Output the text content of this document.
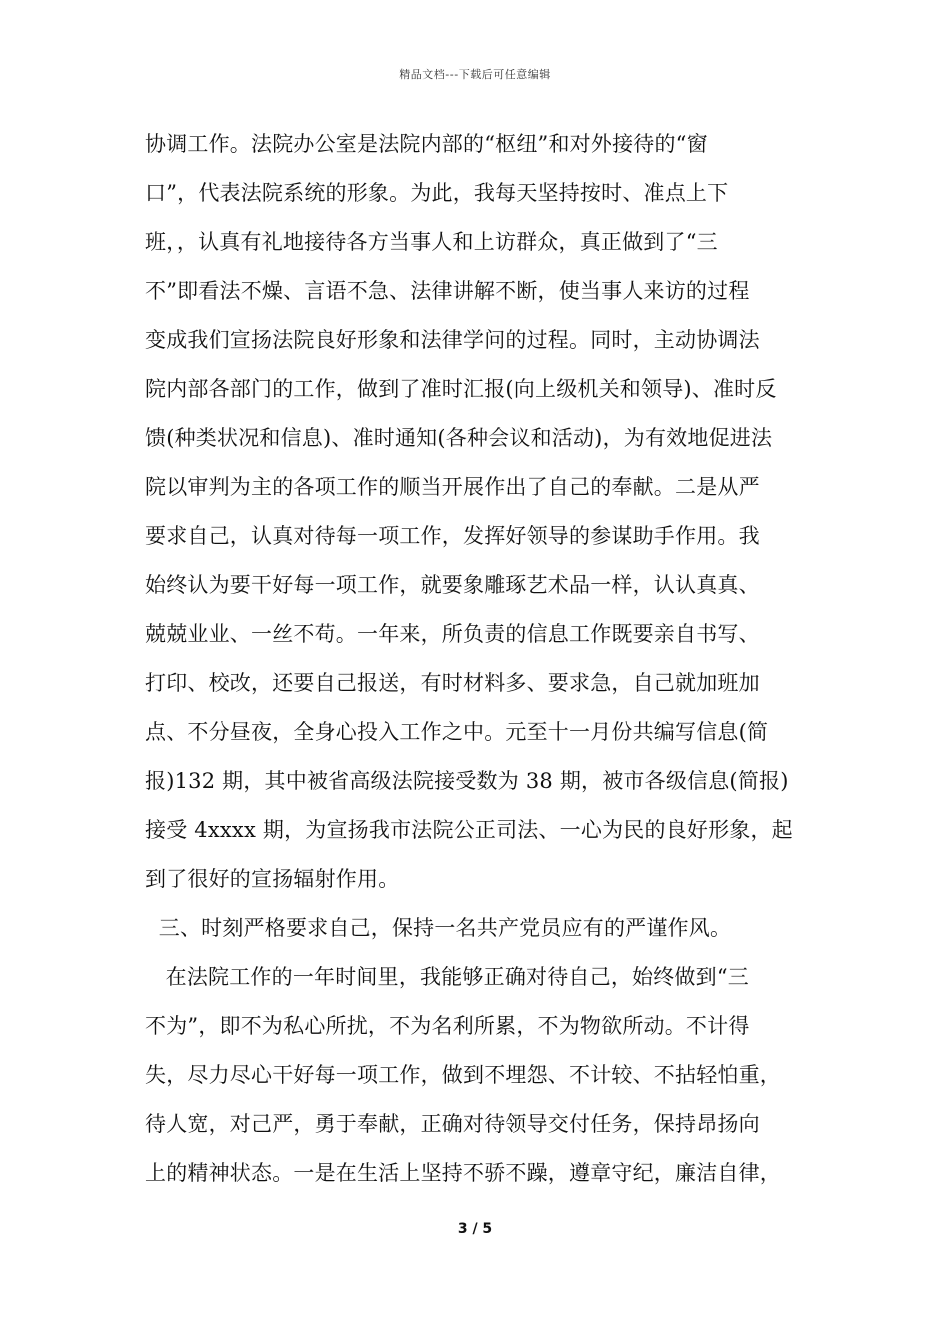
精品文档---下载后可任意编辑
协调工作。法院办公室是法院内部的“枢纽”和对外接待的“窗
口”，代表法院系统的形象。为此，我每天坚持按时、准点上下
班，，认真有礼地接待各方当事人和上访群众，真正做到了“三
不”即看法不燥、言语不急、法律讲解不断，使当事人来访的过程
变成我们宣扬法院良好形象和法律学问的过程。同时，主动协调法
院内部各部门的工作，做到了准时汇报(向上级机关和领导)、准时反
馈(种类状况和信息)、准时通知(各种会议和活动)，为有效地促进法
院以审判为主的各项工作的顺当开展作出了自己的奉献。二是从严
要求自己，认真对待每一项工作，发挥好领导的参谋助手作用。我
始终认为要干好每一项工作，就要象雕琢艺术品一样，认认真真、
兢兢业业、一丝不苟。一年来，所负责的信息工作既要亲自书写、
打印、校改，还要自己报送，有时材料多、要求急，自己就加班加
点、不分昼夜，全身心投入工作之中。元至十一月份共编写信息(简
报)132 期，其中被省高级法院接受数为 38 期，被市各级信息(简报)
接受 4xxxx 期，为宣扬我市法院公正司法、一心为民的良好形象，起
到了很好的宣扬辐射作用。
三、时刻严格要求自己，保持一名共产党员应有的严谨作风。
在法院工作的一年时间里，我能够正确对待自己，始终做到“三
不为”，即不为私心所扰，不为名利所累，不为物欲所动。不计得
失，尽力尽心干好每一项工作，做到不埋怨、不计较、不拈轻怕重，
待人宽，对己严，勇于奉献，正确对待领导交付任务，保持昂扬向
上的精神状态。一是在生活上坚持不骄不躁，遵章守纪，廉洁自律，
3 / 5
